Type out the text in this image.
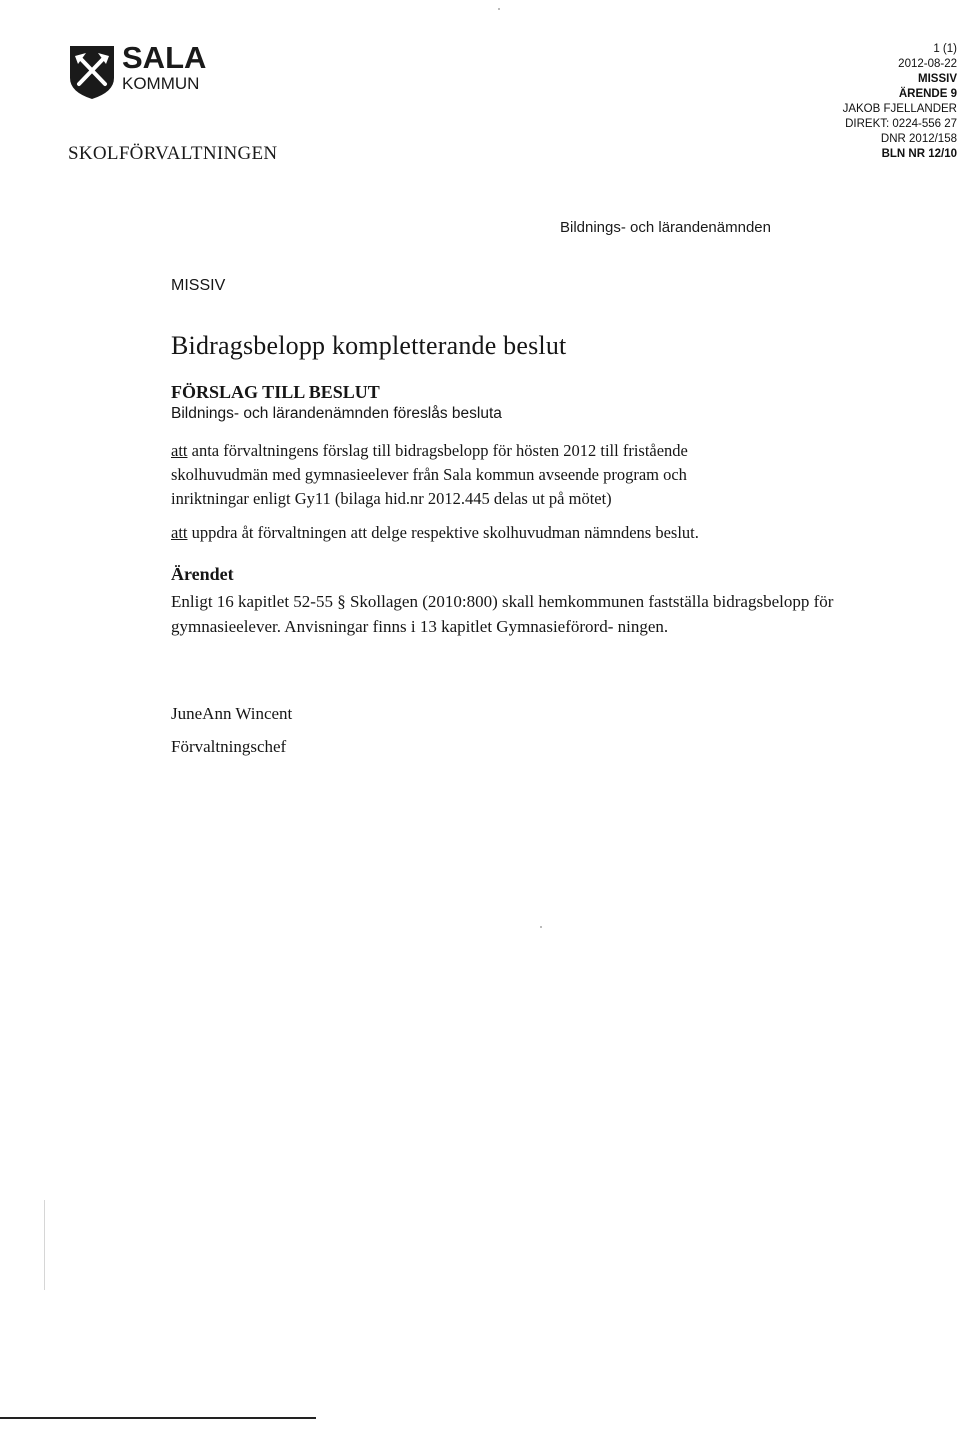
SALA
KOMMUN
SKOLFÖRVALTNINGEN
1 (1)
2012-08-22
MISSIV
ÄRENDE 9
JAKOB FJELLANDER
DIREKT: 0224-556 27
DNR 2012/158
BLN NR 12/10
Bildnings- och lärandenämnden
MISSIV
Bidragsbelopp kompletterande beslut
FÖRSLAG TILL BESLUT
Bildnings- och lärandenämnden föreslås besluta
att anta förvaltningens förslag till bidragsbelopp för hösten 2012 till fristående
skolhuvudmän med gymnasieelever från Sala kommun avseende program och
inriktningar enligt Gy11 (bilaga hid.nr 2012.445 delas ut på mötet)
att uppdra åt förvaltningen att delge respektive skolhuvudman nämndens beslut.
Ärendet
Enligt 16 kapitlet 52-55 § Skollagen (2010:800) skall hemkommunen fastställa bidragsbelopp för gymnasieelever. Anvisningar finns i 13 kapitlet Gymnasieförord- ningen.
JuneAnn Wincent
Förvaltningschef
